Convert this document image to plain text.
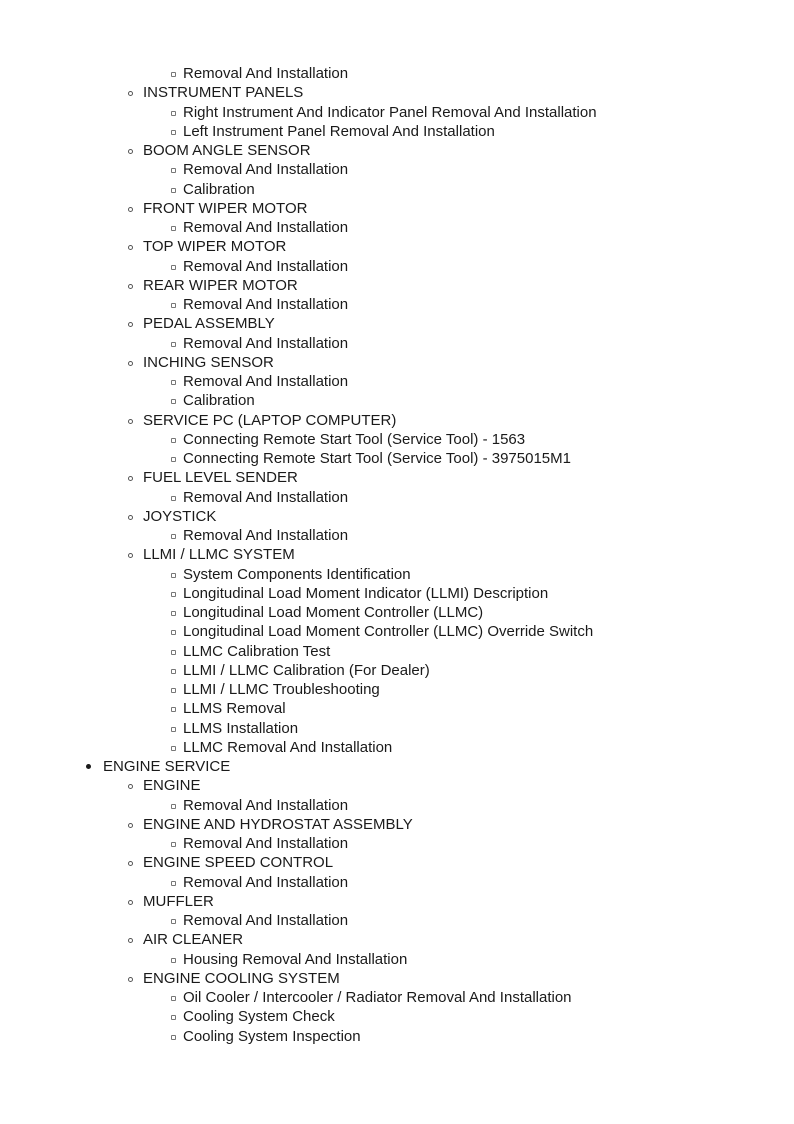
Removal And Installation
INSTRUMENT PANELS
Right Instrument And Indicator Panel Removal And Installation
Left Instrument Panel Removal And Installation
BOOM ANGLE SENSOR
Removal And Installation
Calibration
FRONT WIPER MOTOR
Removal And Installation
TOP WIPER MOTOR
Removal And Installation
REAR WIPER MOTOR
Removal And Installation
PEDAL ASSEMBLY
Removal And Installation
INCHING SENSOR
Removal And Installation
Calibration
SERVICE PC (LAPTOP COMPUTER)
Connecting Remote Start Tool (Service Tool) - 1563
Connecting Remote Start Tool (Service Tool) - 3975015M1
FUEL LEVEL SENDER
Removal And Installation
JOYSTICK
Removal And Installation
LLMI / LLMC SYSTEM
System Components Identification
Longitudinal Load Moment Indicator (LLMI) Description
Longitudinal Load Moment Controller (LLMC)
Longitudinal Load Moment Controller (LLMC) Override Switch
LLMC Calibration Test
LLMI / LLMC Calibration (For Dealer)
LLMI / LLMC Troubleshooting
LLMS Removal
LLMS Installation
LLMC Removal And Installation
ENGINE SERVICE
ENGINE
Removal And Installation
ENGINE AND HYDROSTAT ASSEMBLY
Removal And Installation
ENGINE SPEED CONTROL
Removal And Installation
MUFFLER
Removal And Installation
AIR CLEANER
Housing Removal And Installation
ENGINE COOLING SYSTEM
Oil Cooler / Intercooler / Radiator Removal And Installation
Cooling System Check
Cooling System Inspection
